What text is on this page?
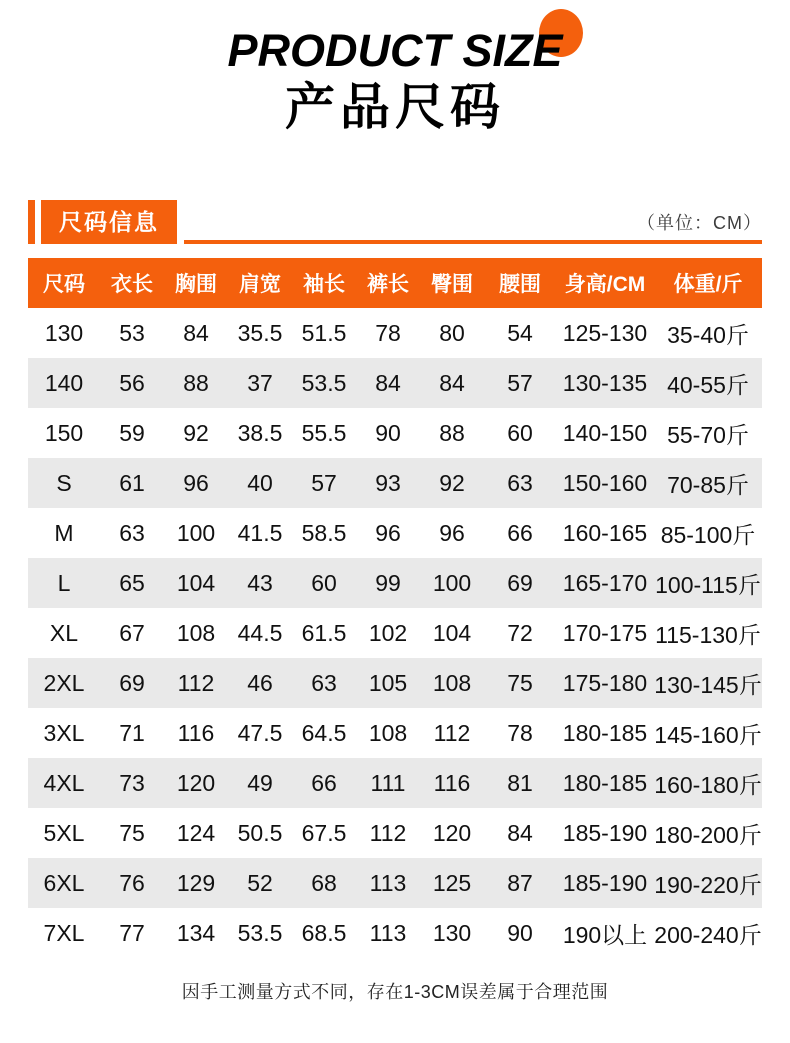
PRODUCT SIZE
产品尺码
尺码信息	（单位：CM）
尺码	衣长	胸围	肩宽	袖长	裤长	臀围	腰围	身高/CM	体重/斤
130	53	84	35.5	51.5	78	80	54	125-130	35-40斤
140	56	88	37	53.5	84	84	57	130-135	40-55斤
150	59	92	38.5	55.5	90	88	60	140-150	55-70斤
S	61	96	40	57	93	92	63	150-160	70-85斤
M	63	100	41.5	58.5	96	96	66	160-165	85-100斤
L	65	104	43	60	99	100	69	165-170	100-115斤
XL	67	108	44.5	61.5	102	104	72	170-175	115-130斤
2XL	69	112	46	63	105	108	75	175-180	130-145斤
3XL	71	116	47.5	64.5	108	112	78	180-185	145-160斤
4XL	73	120	49	66	111	116	81	180-185	160-180斤
5XL	75	124	50.5	67.5	112	120	84	185-190	180-200斤
6XL	76	129	52	68	113	125	87	185-190	190-220斤
7XL	77	134	53.5	68.5	113	130	90	190以上	200-240斤
因手工测量方式不同，存在1-3CM误差属于合理范围
